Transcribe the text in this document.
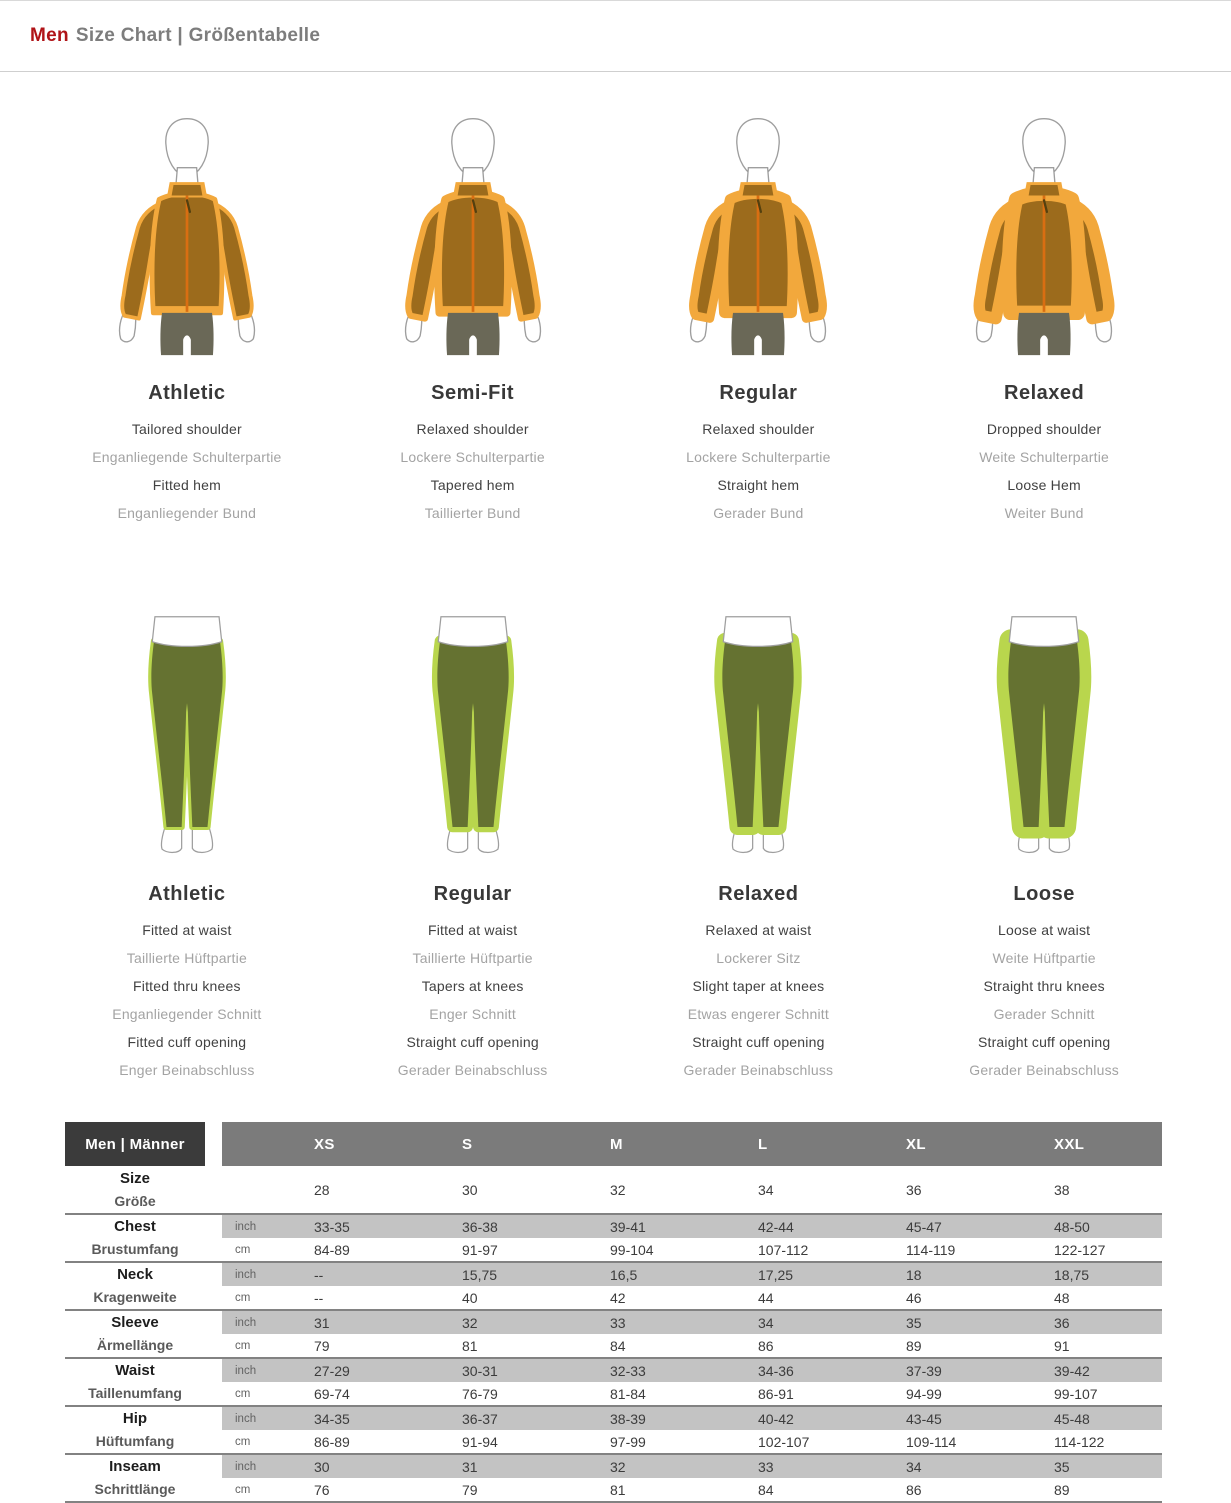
Men Size Chart | Größentabelle
Athletic
Tailored shoulder
Enganliegende Schulterpartie
Fitted hem
Enganliegender Bund
Semi-Fit
Relaxed shoulder
Lockere Schulterpartie
Tapered hem
Taillierter Bund
Regular
Relaxed shoulder
Lockere Schulterpartie
Straight hem
Gerader Bund
Relaxed
Dropped shoulder
Weite Schulterpartie
Loose Hem
Weiter Bund
Athletic
Fitted at waist
Taillierte Hüftpartie
Fitted thru knees
Enganliegender Schnitt
Fitted cuff opening
Enger Beinabschluss
Regular
Fitted at waist
Taillierte Hüftpartie
Tapers at knees
Enger Schnitt
Straight cuff opening
Gerader Beinabschluss
Relaxed
Relaxed at waist
Lockerer Sitz
Slight taper at knees
Etwas engerer Schnitt
Straight cuff opening
Gerader Beinabschluss
Loose
Loose at waist
Weite Hüftpartie
Straight thru knees
Gerader Schnitt
Straight cuff opening
Gerader Beinabschluss
Men | Männer			XS	S	M	L	XL	XXL

Size
Größe			28	30	32	34	36	38

Chest
Brustumfang		inch	33-35	36-38	39-41	42-44	45-47	48-50
		cm	84-89	91-97	99-104	107-112	114-119	122-127

Neck
Kragenweite		inch	--	15,75	16,5	17,25	18	18,75
		cm	--	40	42	44	46	48

Sleeve
Ärmellänge		inch	31	32	33	34	35	36
		cm	79	81	84	86	89	91

Waist
Taillenumfang		inch	27-29	30-31	32-33	34-36	37-39	39-42
		cm	69-74	76-79	81-84	86-91	94-99	99-107

Hip
Hüftumfang		inch	34-35	36-37	38-39	40-42	43-45	45-48
		cm	86-89	91-94	97-99	102-107	109-114	114-122

Inseam
Schrittlänge		inch	30	31	32	33	34	35
		cm	76	79	81	84	86	89
